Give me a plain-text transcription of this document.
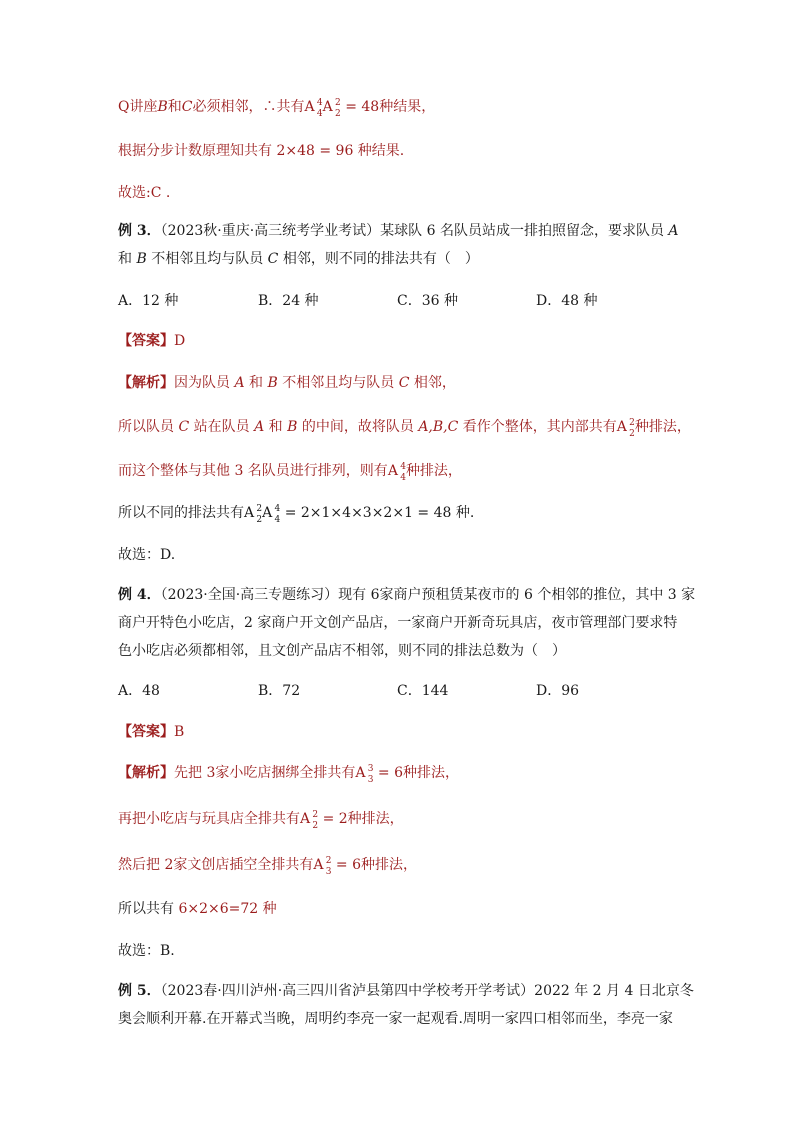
Q讲座B和C必须相邻，∴共有A 4
4 A 2
2 = 48种结果，
根据分步计数原理知共有 2×48 = 96 种结果.
故选:C .
例 3．（2023秋·重庆·高三统考学业考试）某球队 6 名队员站成一排拍照留念，要求队员 A
和 B 不相邻且均与队员 C 相邻，则不同的排法共有（　）
A．12 种	B．24 种	C．36 种	D．48 种
【答案】D
【解析】因为队员 A 和 B 不相邻且均与队员 C 相邻，
所以队员 C 站在队员 A 和 B 的中间，故将队员 A,B,C 看作个整体，其内部共有A 2
2 种排法，
而这个整体与其他 3 名队员进行排列，则有A 4
4 种排法，
所以不同的排法共有A 2
2 A 4
4 = 2×1×4×3×2×1 = 48 种.
故选：D.
例 4．（2023·全国·高三专题练习）现有 6家商户预租赁某夜市的 6 个相邻的推位，其中 3 家
商户开特色小吃店，2 家商户开文创产品店，一家商户开新奇玩具店，夜市管理部门要求特
色小吃店必须都相邻，且文创产品店不相邻，则不同的排法总数为（　）
A．48	B．72	C．144	D．96
【答案】B
【解析】先把 3家小吃店捆绑全排共有A 3
3 = 6种排法，
再把小吃店与玩具店全排共有A 2
2 = 2种排法，
然后把 2家文创店插空全排共有A 2
3 = 6种排法，
所以共有 6×2×6=72 种
故选：B.
例 5．（2023春·四川泸州·高三四川省泸县第四中学校考开学考试）2022 年 2 月 4 日北京冬
奥会顺利开幕.在开幕式当晚，周明约李亮一家一起观看.周明一家四口相邻而坐，李亮一家
